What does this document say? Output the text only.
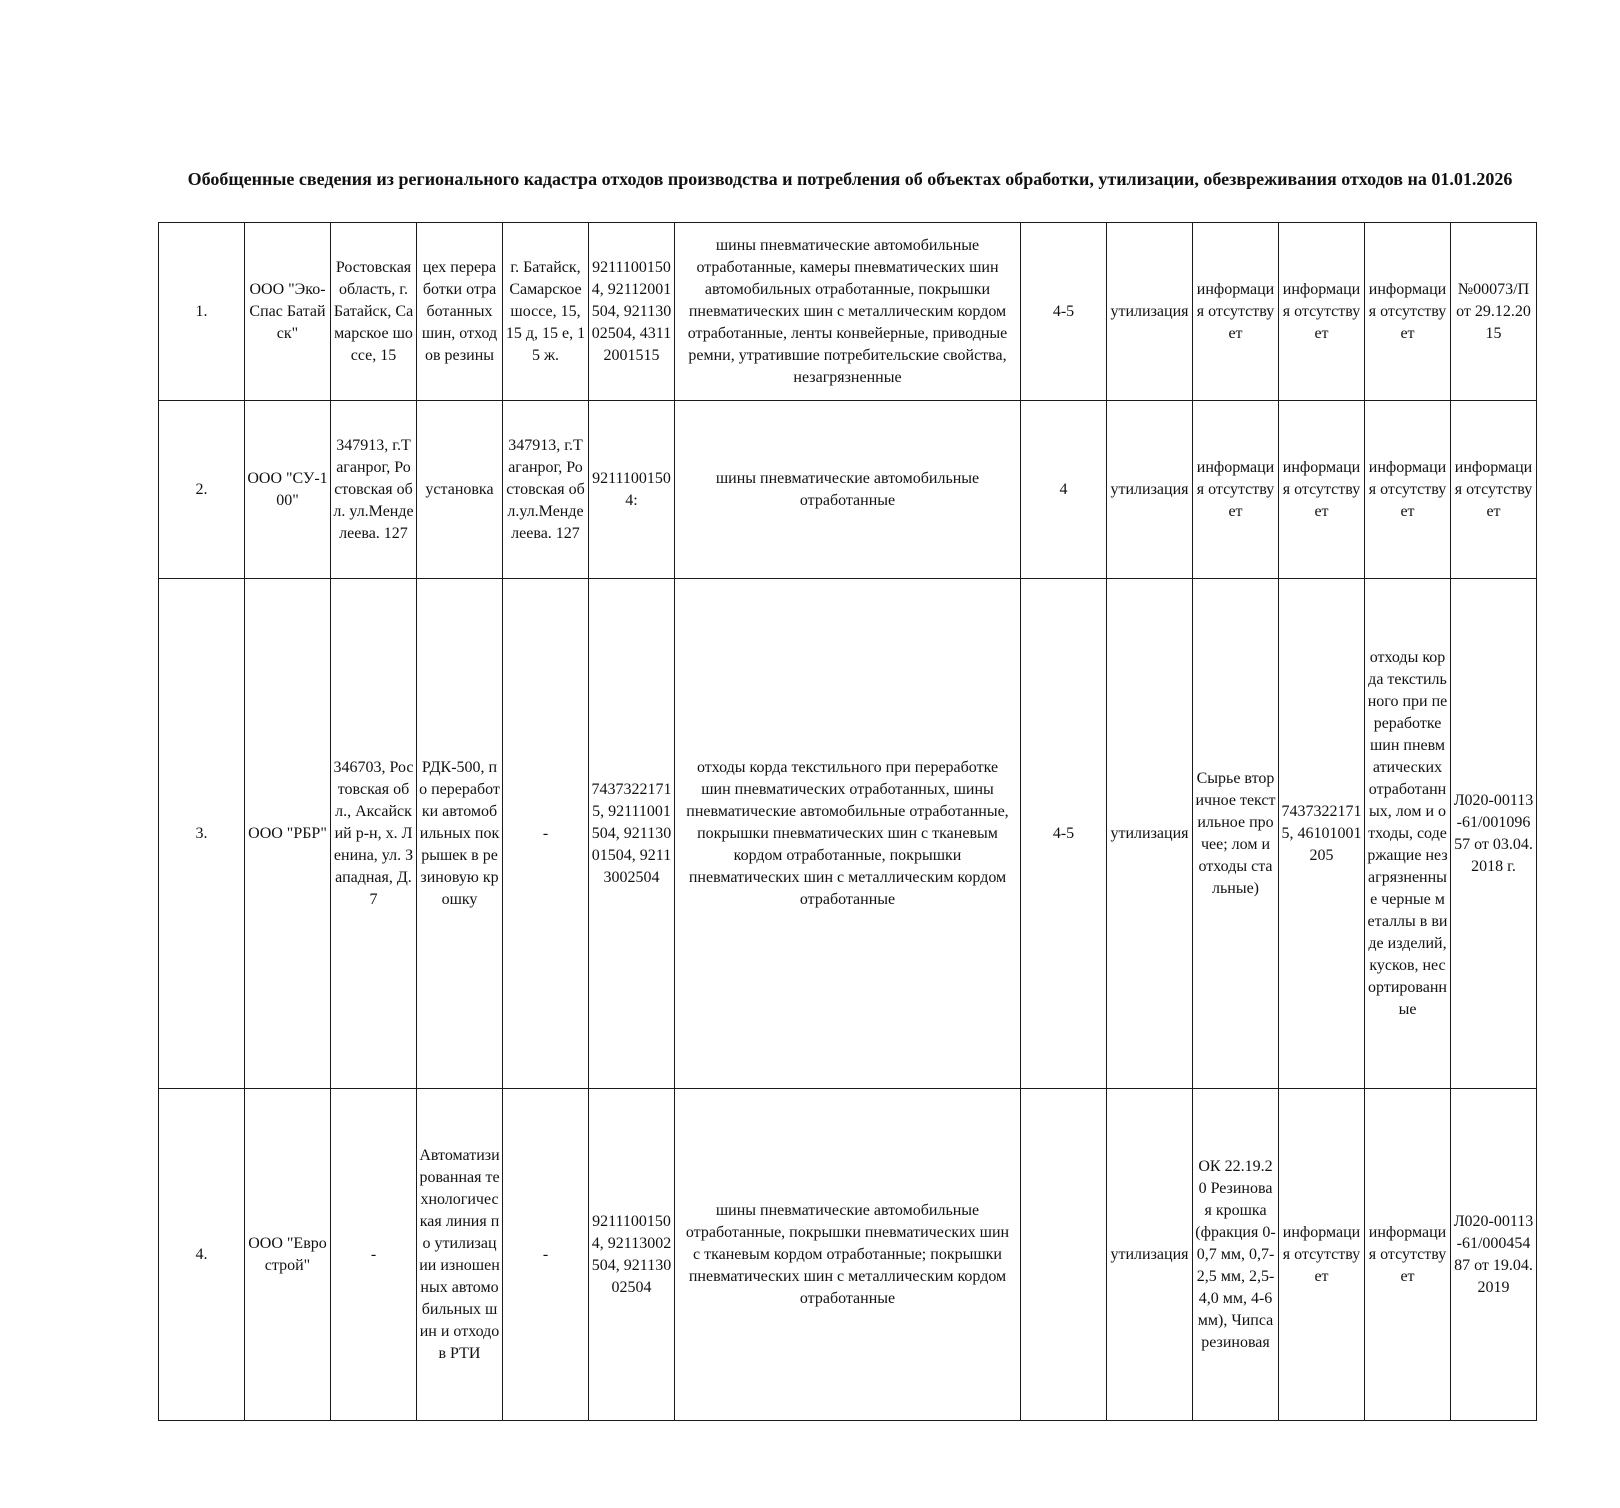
Обобщенные сведения из регионального кадастра отходов производства и потребления об объектах обработки, утилизации, обезвреживания отходов на 01.01.2026
1.	ООО "Эко-Спас Батайск"	Ростовская область, г. Батайск, Самарское шоссе, 15	цех переработки отработанных шин, отходов резины	г. Батайск, Самарское шоссе, 15, 15 д, 15 е, 15 ж.	92111001504, 92112001504, 92113002504, 43112001515	шины пневматические автомобильные отработанные, камеры пневматических шин автомобильных отработанные, покрышки пневматических шин с металлическим кордом отработанные, ленты конвейерные, приводные ремни, утратившие потребительские свойства, незагрязненные	4-5	утилизация	информация отсутствует	информация отсутствует	информация отсутствует	№00073/П от 29.12.2015
2.	ООО "СУ-100"	347913, г.Таганрог, Ростовская обл. ул.Менделеева. 127	установка	347913, г.Таганрог, Ростовская обл.ул.Менделеева. 127	92111001504:	шины пневматические автомобильные отработанные	4	утилизация	информация отсутствует	информация отсутствует	информация отсутствует	информация отсутствует
3.	ООО "РБР"	346703, Ростовская обл., Аксайский р-н, х. Ленина, ул. Западная, Д. 7	РДК-500, по переработки автомобильных покрышек в резиновую крошку	-	74373221715, 92111001504, 92113001504, 92113002504	отходы корда текстильного при переработке шин пневматических отработанных, шины пневматические автомобильные отработанные, покрышки пневматических шин с тканевым кордом отработанные, покрышки пневматических шин с металлическим кордом отработанные	4-5	утилизация	Сырье вторичное текстильное прочее; лом и отходы стальные)	74373221715, 46101001205	отходы корда текстильного при переработке шин пневматических отработанных, лом и отходы, содержащие незагрязненные черные металлы в виде изделий, кусков, несортированные	Л020-00113-61/00109657 от 03.04.2018 г.
4.	ООО "Еврострой"	-	Автоматизированная технологическая линия по утилизации изношенных автомобильных шин и отходов РТИ	-	92111001504, 92113002504, 92113002504	шины пневматические автомобильные отработанные, покрышки пневматических шин с тканевым кордом отработанные; покрышки пневматических шин с металлическим кордом отработанные		утилизация	ОК 22.19.20 Резиновая крошка (фракция 0-0,7 мм, 0,7-2,5 мм, 2,5-4,0 мм, 4-6 мм), Чипса резиновая	информация отсутствует	информация отсутствует	Л020-00113-61/00045487 от 19.04.2019
